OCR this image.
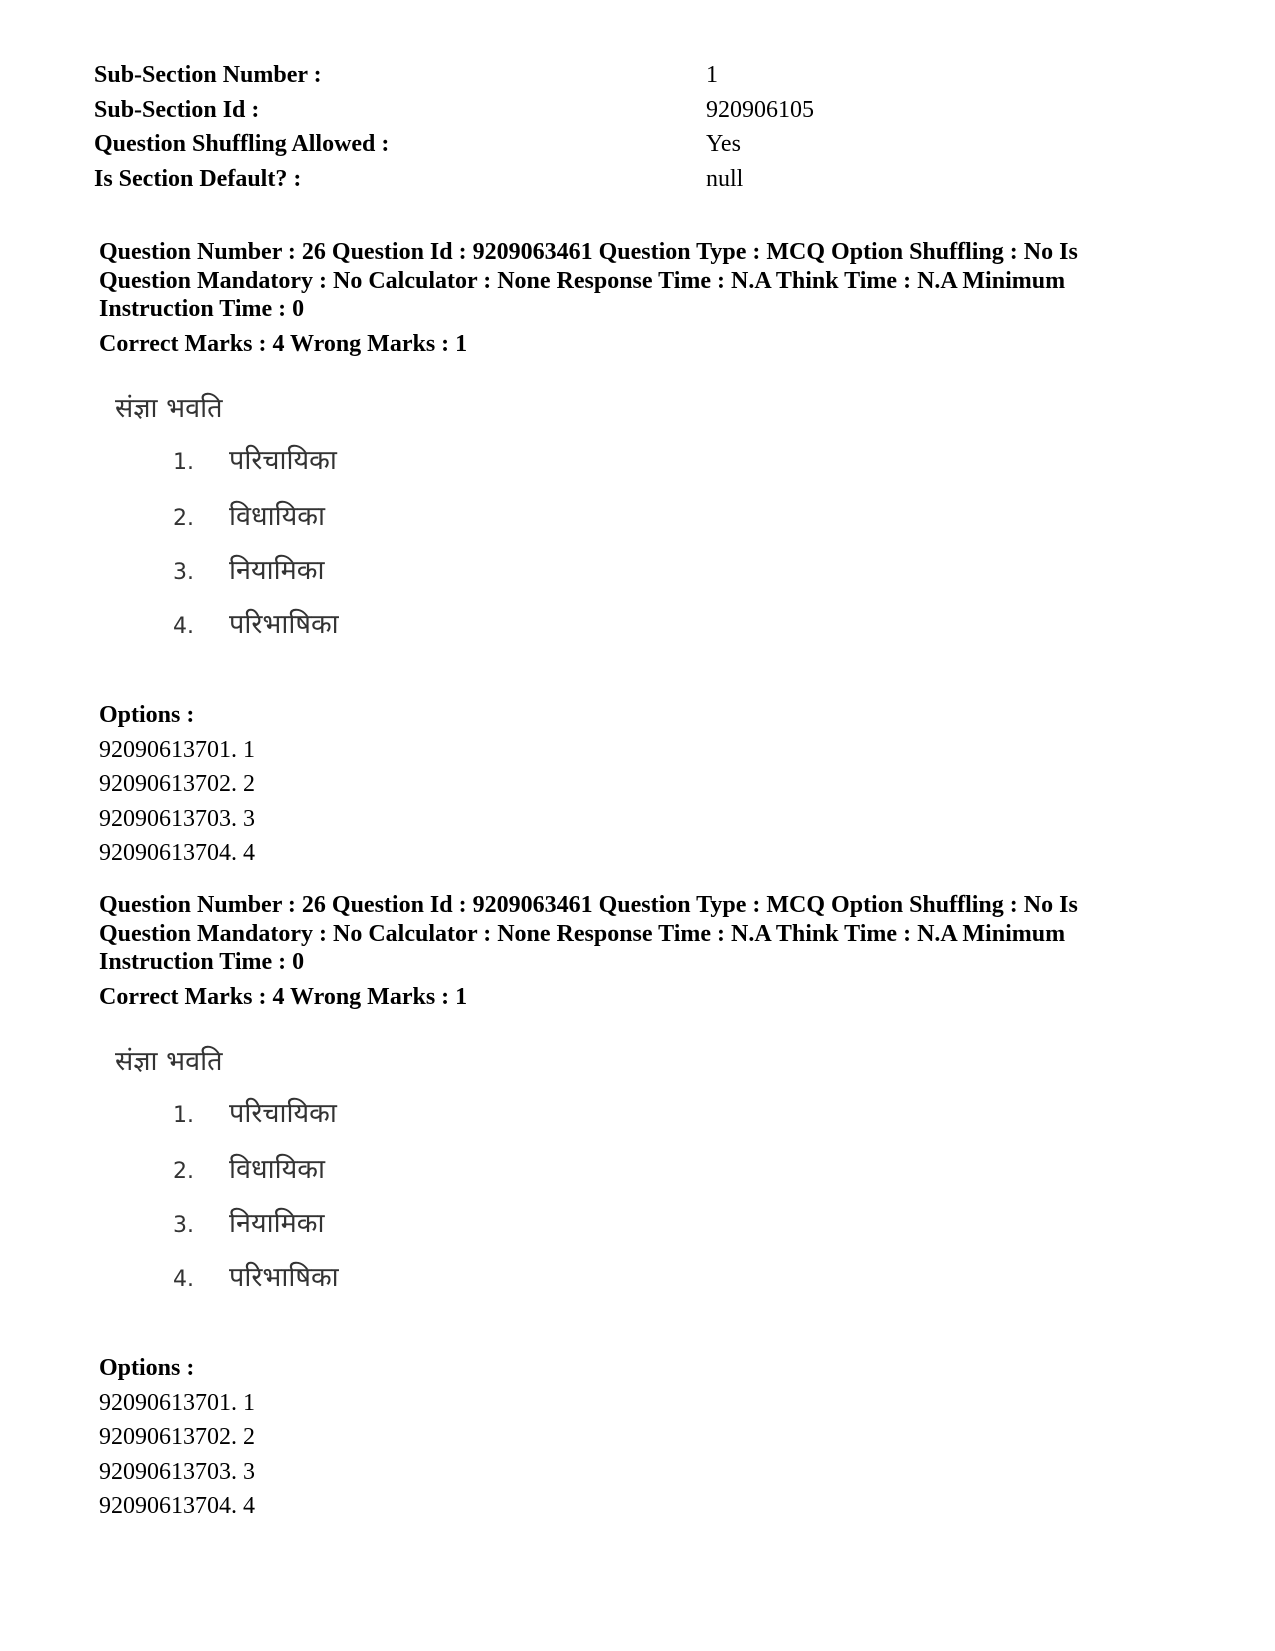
Sub-Section Number :	1
Sub-Section Id :	920906105
Question Shuffling Allowed :	Yes
Is Section Default? :	null
Question Number : 26 Question Id : 9209063461 Question Type : MCQ Option Shuffling : No Is Question Mandatory : No Calculator : None Response Time : N.A Think Time : N.A Minimum Instruction Time : 0
Correct Marks : 4 Wrong Marks : 1
संज्ञा भवति
1.	परिचायिका
2.	विधायिका
3.	नियामिका
4.	परिभाषिका
Options :
92090613701. 1
92090613702. 2
92090613703. 3
92090613704. 4
Question Number : 26 Question Id : 9209063461 Question Type : MCQ Option Shuffling : No Is Question Mandatory : No Calculator : None Response Time : N.A Think Time : N.A Minimum Instruction Time : 0
Correct Marks : 4 Wrong Marks : 1
संज्ञा भवति
1.	परिचायिका
2.	विधायिका
3.	नियामिका
4.	परिभाषिका
Options :
92090613701. 1
92090613702. 2
92090613703. 3
92090613704. 4
